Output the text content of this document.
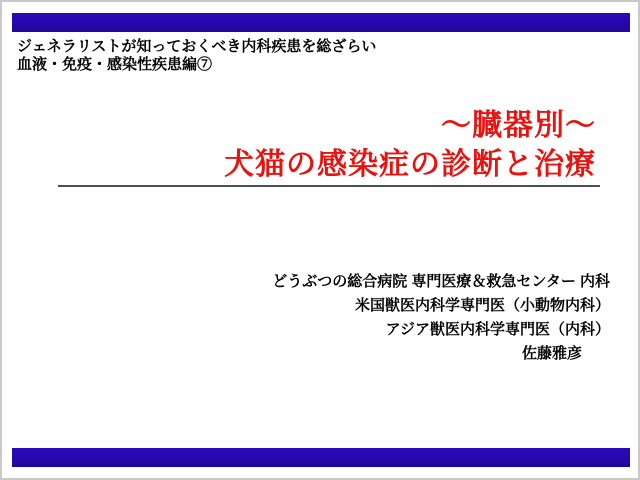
ジェネラリストが知っておくべき内科疾患を総ざらい
血液・免疫・感染性疾患編⑦
～臓器別～
犬猫の感染症の診断と治療
どうぶつの総合病院 専門医療＆救急センター 内科
米国獣医内科学専門医（小動物内科）
アジア獣医内科学専門医（内科）
佐藤雅彦
